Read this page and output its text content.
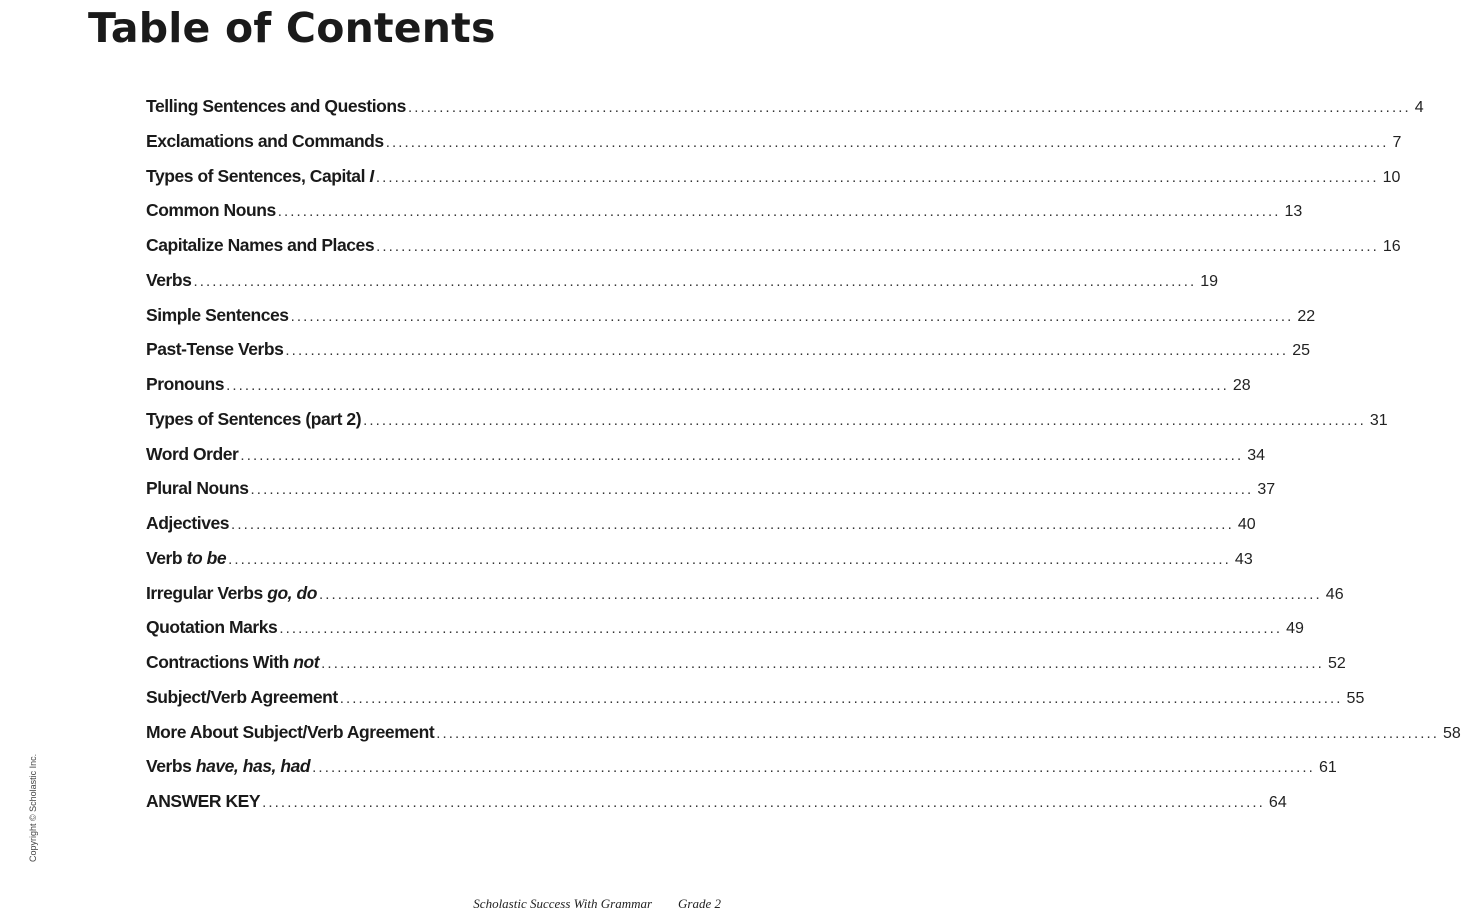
Table of Contents
Telling Sentences and Questions ................................................................................................................................................................ 4
Exclamations and Commands ................................................................................................................................................................ 7
Types of Sentences, Capital I ................................................................................................................................................................ 10
Common Nouns ................................................................................................................................................................ 13
Capitalize Names and Places ................................................................................................................................................................ 16
Verbs ................................................................................................................................................................ 19
Simple Sentences ................................................................................................................................................................ 22
Past-Tense Verbs ................................................................................................................................................................ 25
Pronouns ................................................................................................................................................................ 28
Types of Sentences (part 2) ................................................................................................................................................................ 31
Word Order ................................................................................................................................................................ 34
Plural Nouns ................................................................................................................................................................ 37
Adjectives ................................................................................................................................................................ 40
Verb to be ................................................................................................................................................................ 43
Irregular Verbs go, do ................................................................................................................................................................ 46
Quotation Marks ................................................................................................................................................................ 49
Contractions With not ................................................................................................................................................................ 52
Subject/Verb Agreement ................................................................................................................................................................ 55
More About Subject/Verb Agreement ................................................................................................................................................................ 58
Verbs have, has, had ................................................................................................................................................................ 61
ANSWER KEY ................................................................................................................................................................ 64
Copyright © Scholastic Inc.
Scholastic Success With Grammar Grade 2
